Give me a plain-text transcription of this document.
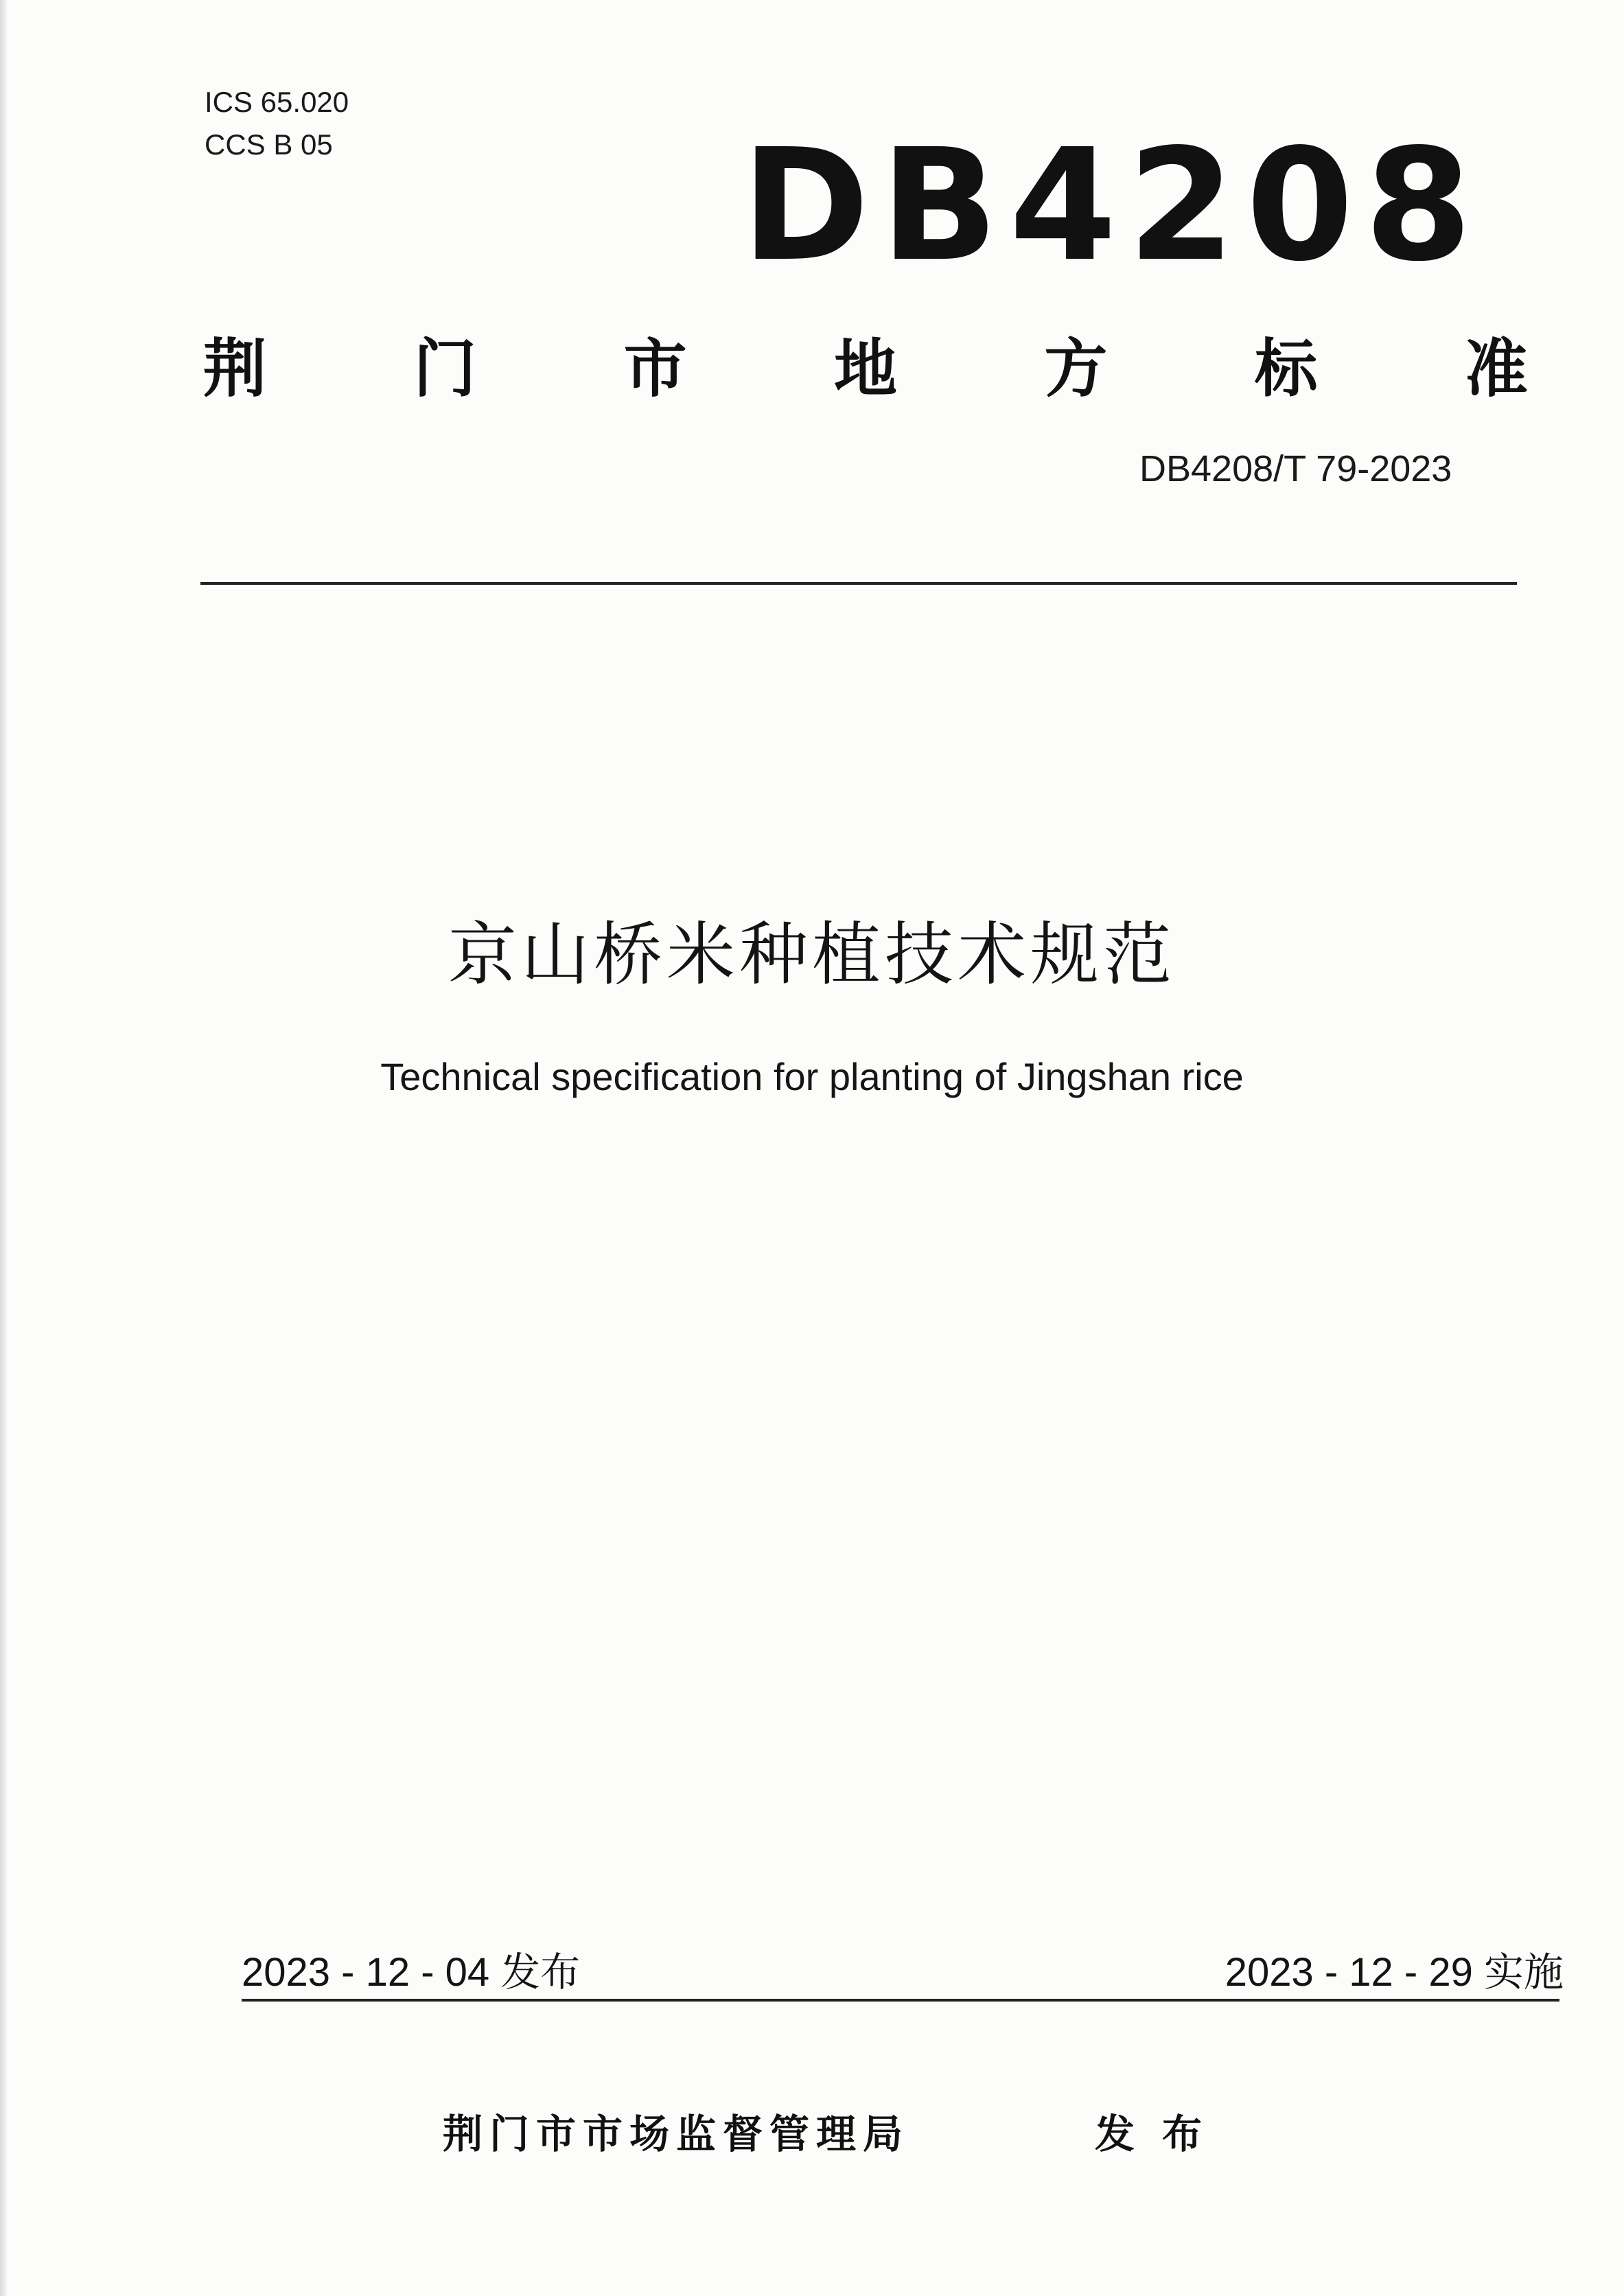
ICS 65.020
CCS B 05	DB4208
荆 门 市 地 方 标 准
DB4208/T 79-2023
京山桥米种植技术规范
Technical specification for planting of Jingshan rice
2023 - 12 - 04 发布	2023 - 12 - 29 实施
荆门市市场监督管理局	发布
